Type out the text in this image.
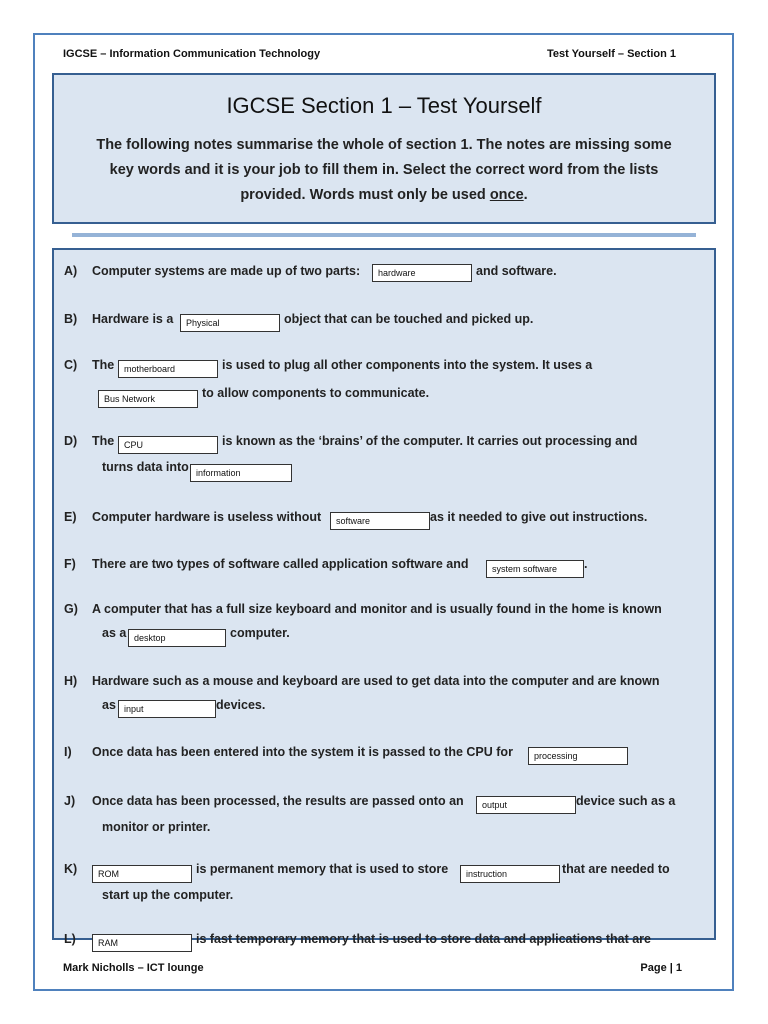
IGCSE – Information Communication Technology	Test Yourself – Section 1
IGCSE Section 1 – Test Yourself
The following notes summarise the whole of section 1. The notes are missing some key words and it is your job to fill them in. Select the correct word from the lists provided. Words must only be used once.
A) Computer systems are made up of two parts:	hardware	and software.
B) Hardware is a	Physical	object that can be touched and picked up.
C) The	motherboard	is used to plug all other components into the system. It uses a
Bus Network	to allow components to communicate.
D) The	CPU	is known as the ‘brains’ of the computer. It carries out processing and
turns data into information
E) Computer hardware is useless without	software	as it needed to give out instructions.
F) There are two types of software called application software and	system software	.
G) A computer that has a full size keyboard and monitor and is usually found in the home is known
as a desktop	computer.
H) Hardware such as a mouse and keyboard are used to get data into the computer and are known
as input	devices.
I) Once data has been entered into the system it is passed to the CPU for	processing
J) Once data has been processed, the results are passed onto an	output	device such as a
monitor or printer.
K)	ROM	is permanent memory that is used to store	instruction	that are needed to
start up the computer.
L)	RAM	is fast temporary memory that is used to store data and applications that are
Mark Nicholls – ICT lounge	Page | 1
